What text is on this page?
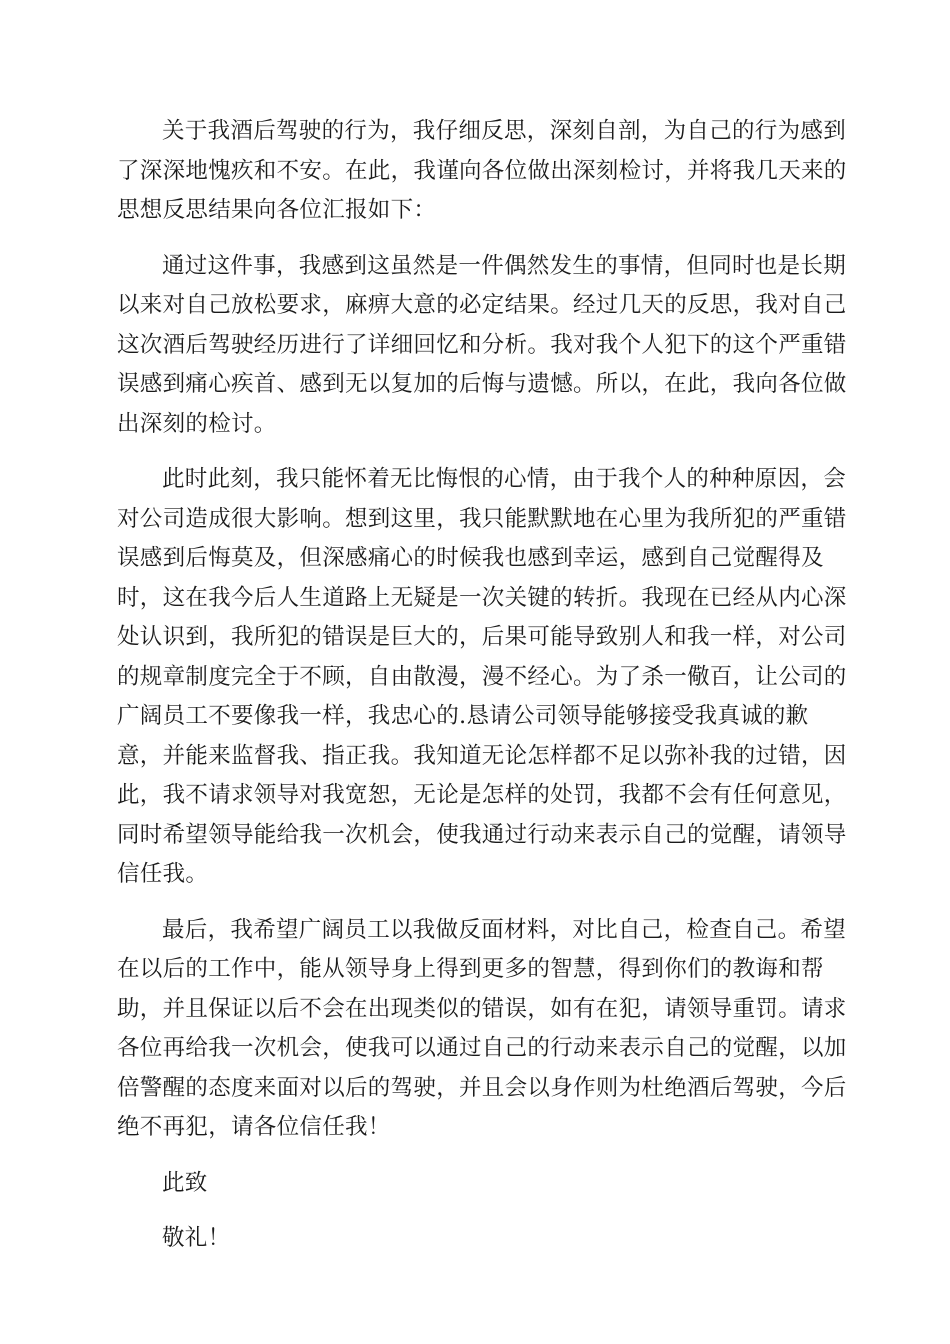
关于我酒后驾驶的行为，我仔细反思，深刻自剖，为自己的行为感到
了深深地愧疚和不安。在此，我谨向各位做出深刻检讨，并将我几天来的
思想反思结果向各位汇报如下：
通过这件事，我感到这虽然是一件偶然发生的事情，但同时也是长期
以来对自己放松要求，麻痹大意的必定结果。经过几天的反思，我对自己
这次酒后驾驶经历进行了详细回忆和分析。我对我个人犯下的这个严重错
误感到痛心疾首、感到无以复加的后悔与遗憾。所以，在此，我向各位做
出深刻的检讨。
此时此刻，我只能怀着无比悔恨的心情，由于我个人的种种原因，会
对公司造成很大影响。想到这里，我只能默默地在心里为我所犯的严重错
误感到后悔莫及，但深感痛心的时候我也感到幸运，感到自己觉醒得及
时，这在我今后人生道路上无疑是一次关键的转折。我现在已经从内心深
处认识到，我所犯的错误是巨大的，后果可能导致别人和我一样，对公司
的规章制度完全于不顾，自由散漫，漫不经心。为了杀一儆百，让公司的
广阔员工不要像我一样，我忠心的.恳请公司领导能够接受我真诚的歉
意，并能来监督我、指正我。我知道无论怎样都不足以弥补我的过错，因
此，我不请求领导对我宽恕，无论是怎样的处罚，我都不会有任何意见，
同时希望领导能给我一次机会，使我通过行动来表示自己的觉醒，请领导
信任我。
最后，我希望广阔员工以我做反面材料，对比自己，检查自己。希望
在以后的工作中，能从领导身上得到更多的智慧，得到你们的教诲和帮
助，并且保证以后不会在出现类似的错误，如有在犯，请领导重罚。请求
各位再给我一次机会，使我可以通过自己的行动来表示自己的觉醒，以加
倍警醒的态度来面对以后的驾驶，并且会以身作则为杜绝酒后驾驶，今后
绝不再犯，请各位信任我！
此致
敬礼！
